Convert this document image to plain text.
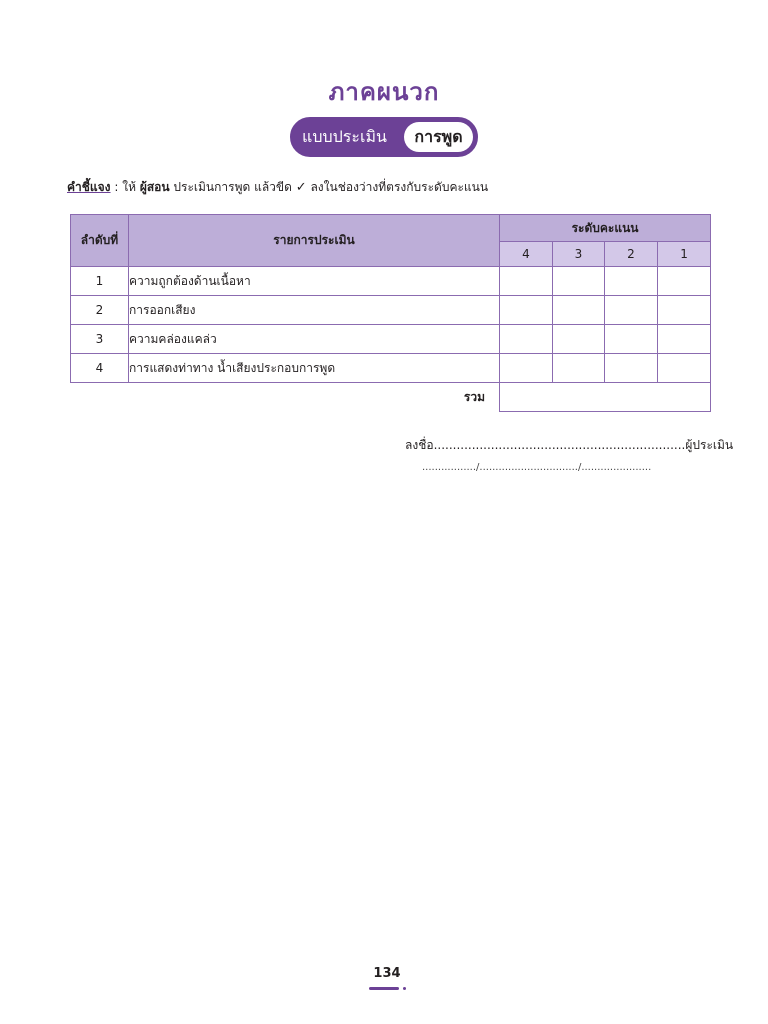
ภาคผนวก
แบบประเมิน	การพูด
คำชี้แจง : ให้ ผู้สอน ประเมินการพูด แล้วขีด ✓ ลงในช่องว่างที่ตรงกับระดับคะแนน
ลำดับที่	รายการประเมิน	ระดับคะแนน			
		4	3	2	1
1	ความถูกต้องด้านเนื้อหา				
2	การออกเสียง				
3	ความคล่องแคล่ว				
4	การแสดงท่าทาง น้ำเสียงประกอบการพูด				
รวม					
ลงชื่อ..................................................................ผู้ประเมิน
................./.............................../......................
134
